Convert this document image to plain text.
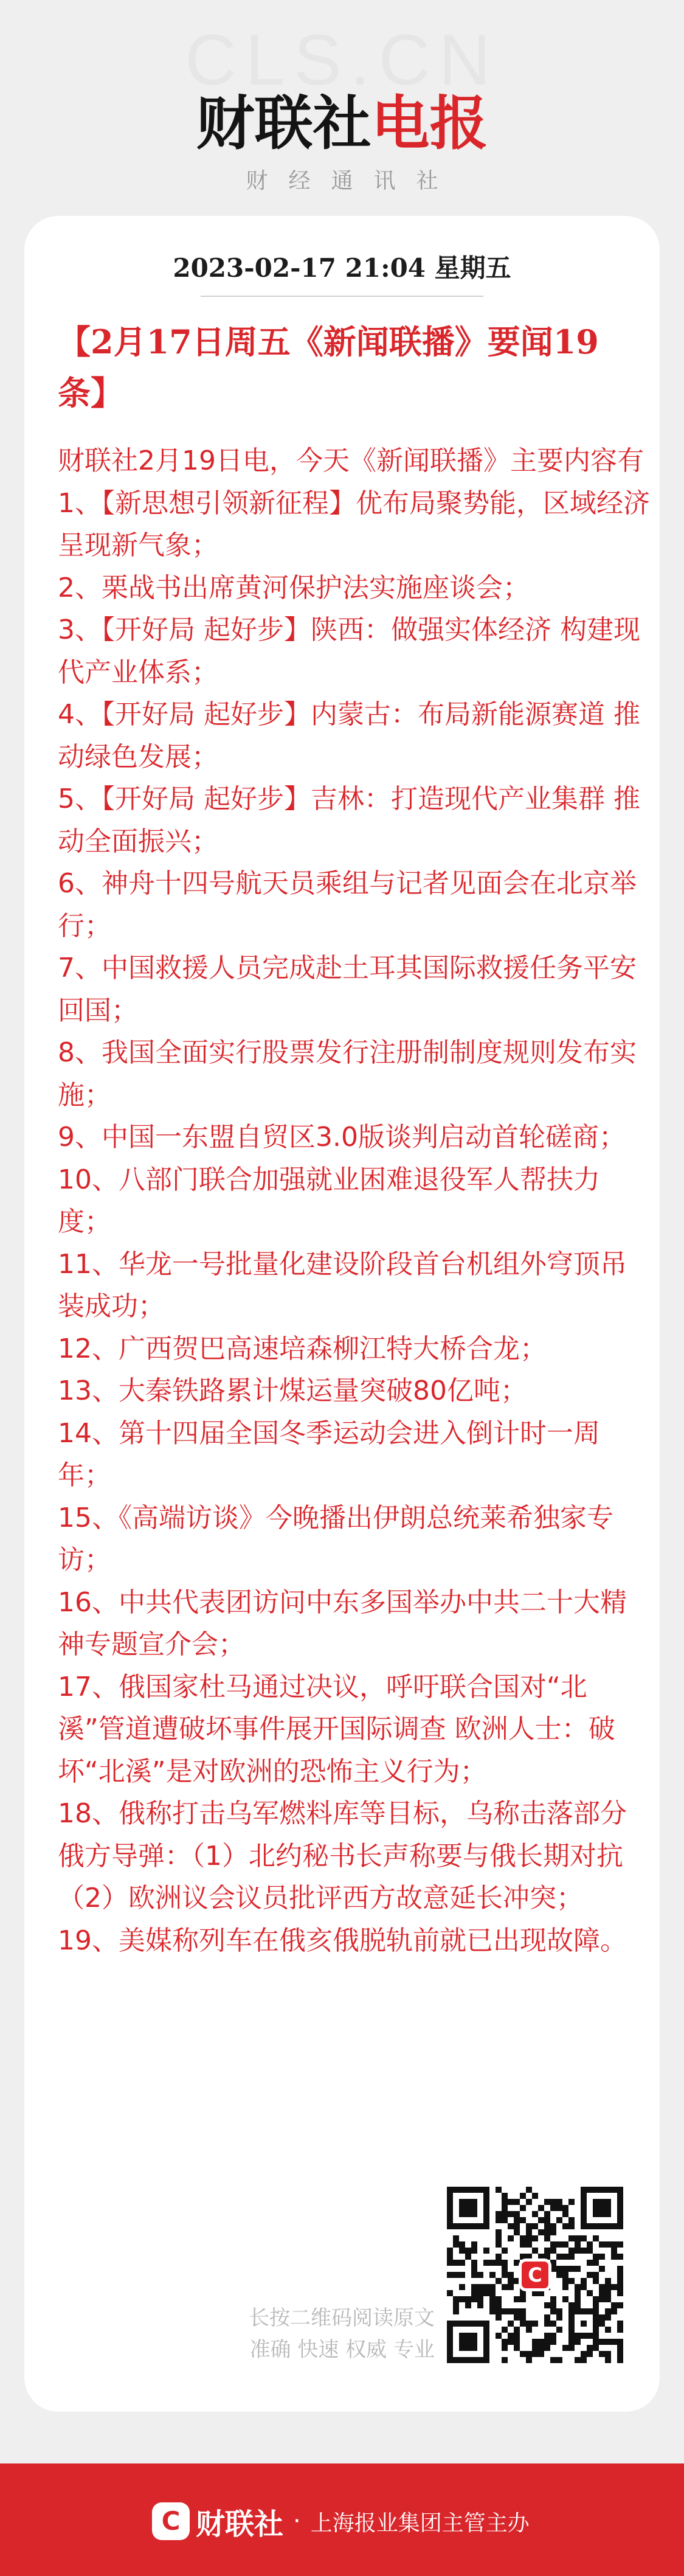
CLS.CN
财联社电报
财经通讯社
2023-02-17 21:04 星期五
【2月17日周五《新闻联播》要闻19条】

财联社2月19日电，今天《新闻联播》主要内容有

1、【新思想引领新征程】优布局聚势能，区域经济呈现新气象；

2、栗战书出席黄河保护法实施座谈会；

3、【开好局 起好步】陕西：做强实体经济 构建现代产业体系；

4、【开好局 起好步】内蒙古：布局新能源赛道 推动绿色发展；

5、【开好局 起好步】吉林：打造现代产业集群 推动全面振兴；

6、神舟十四号航天员乘组与记者见面会在北京举行；

7、中国救援人员完成赴土耳其国际救援任务平安回国；

8、我国全面实行股票发行注册制制度规则发布实施；

9、中国一东盟自贸区3.0版谈判启动首轮磋商；

10、八部门联合加强就业困难退役军人帮扶力度；

11、华龙一号批量化建设阶段首台机组外穹顶吊装成功；

12、广西贺巴高速培森柳江特大桥合龙；

13、大秦铁路累计煤运量突破80亿吨；

14、第十四届全国冬季运动会进入倒计时一周年；

15、《高端访谈》今晚播出伊朗总统莱希独家专访；

16、中共代表团访问中东多国举办中共二十大精神专题宣介会；

17、俄国家杜马通过决议，呼吁联合国对“北溪”管道遭破坏事件展开国际调查 欧洲人士：破坏“北溪”是对欧洲的恐怖主义行为；

18、俄称打击乌军燃料库等目标，乌称击落部分俄方导弹：（1）北约秘书长声称要与俄长期对抗　（2）欧洲议会议员批评西方故意延长冲突；

19、美媒称列车在俄亥俄脱轨前就已出现故障。

C
长按二维码阅读原文
准确 快速 权威 专业
C 财联社 · 上海报业集团主管主办
